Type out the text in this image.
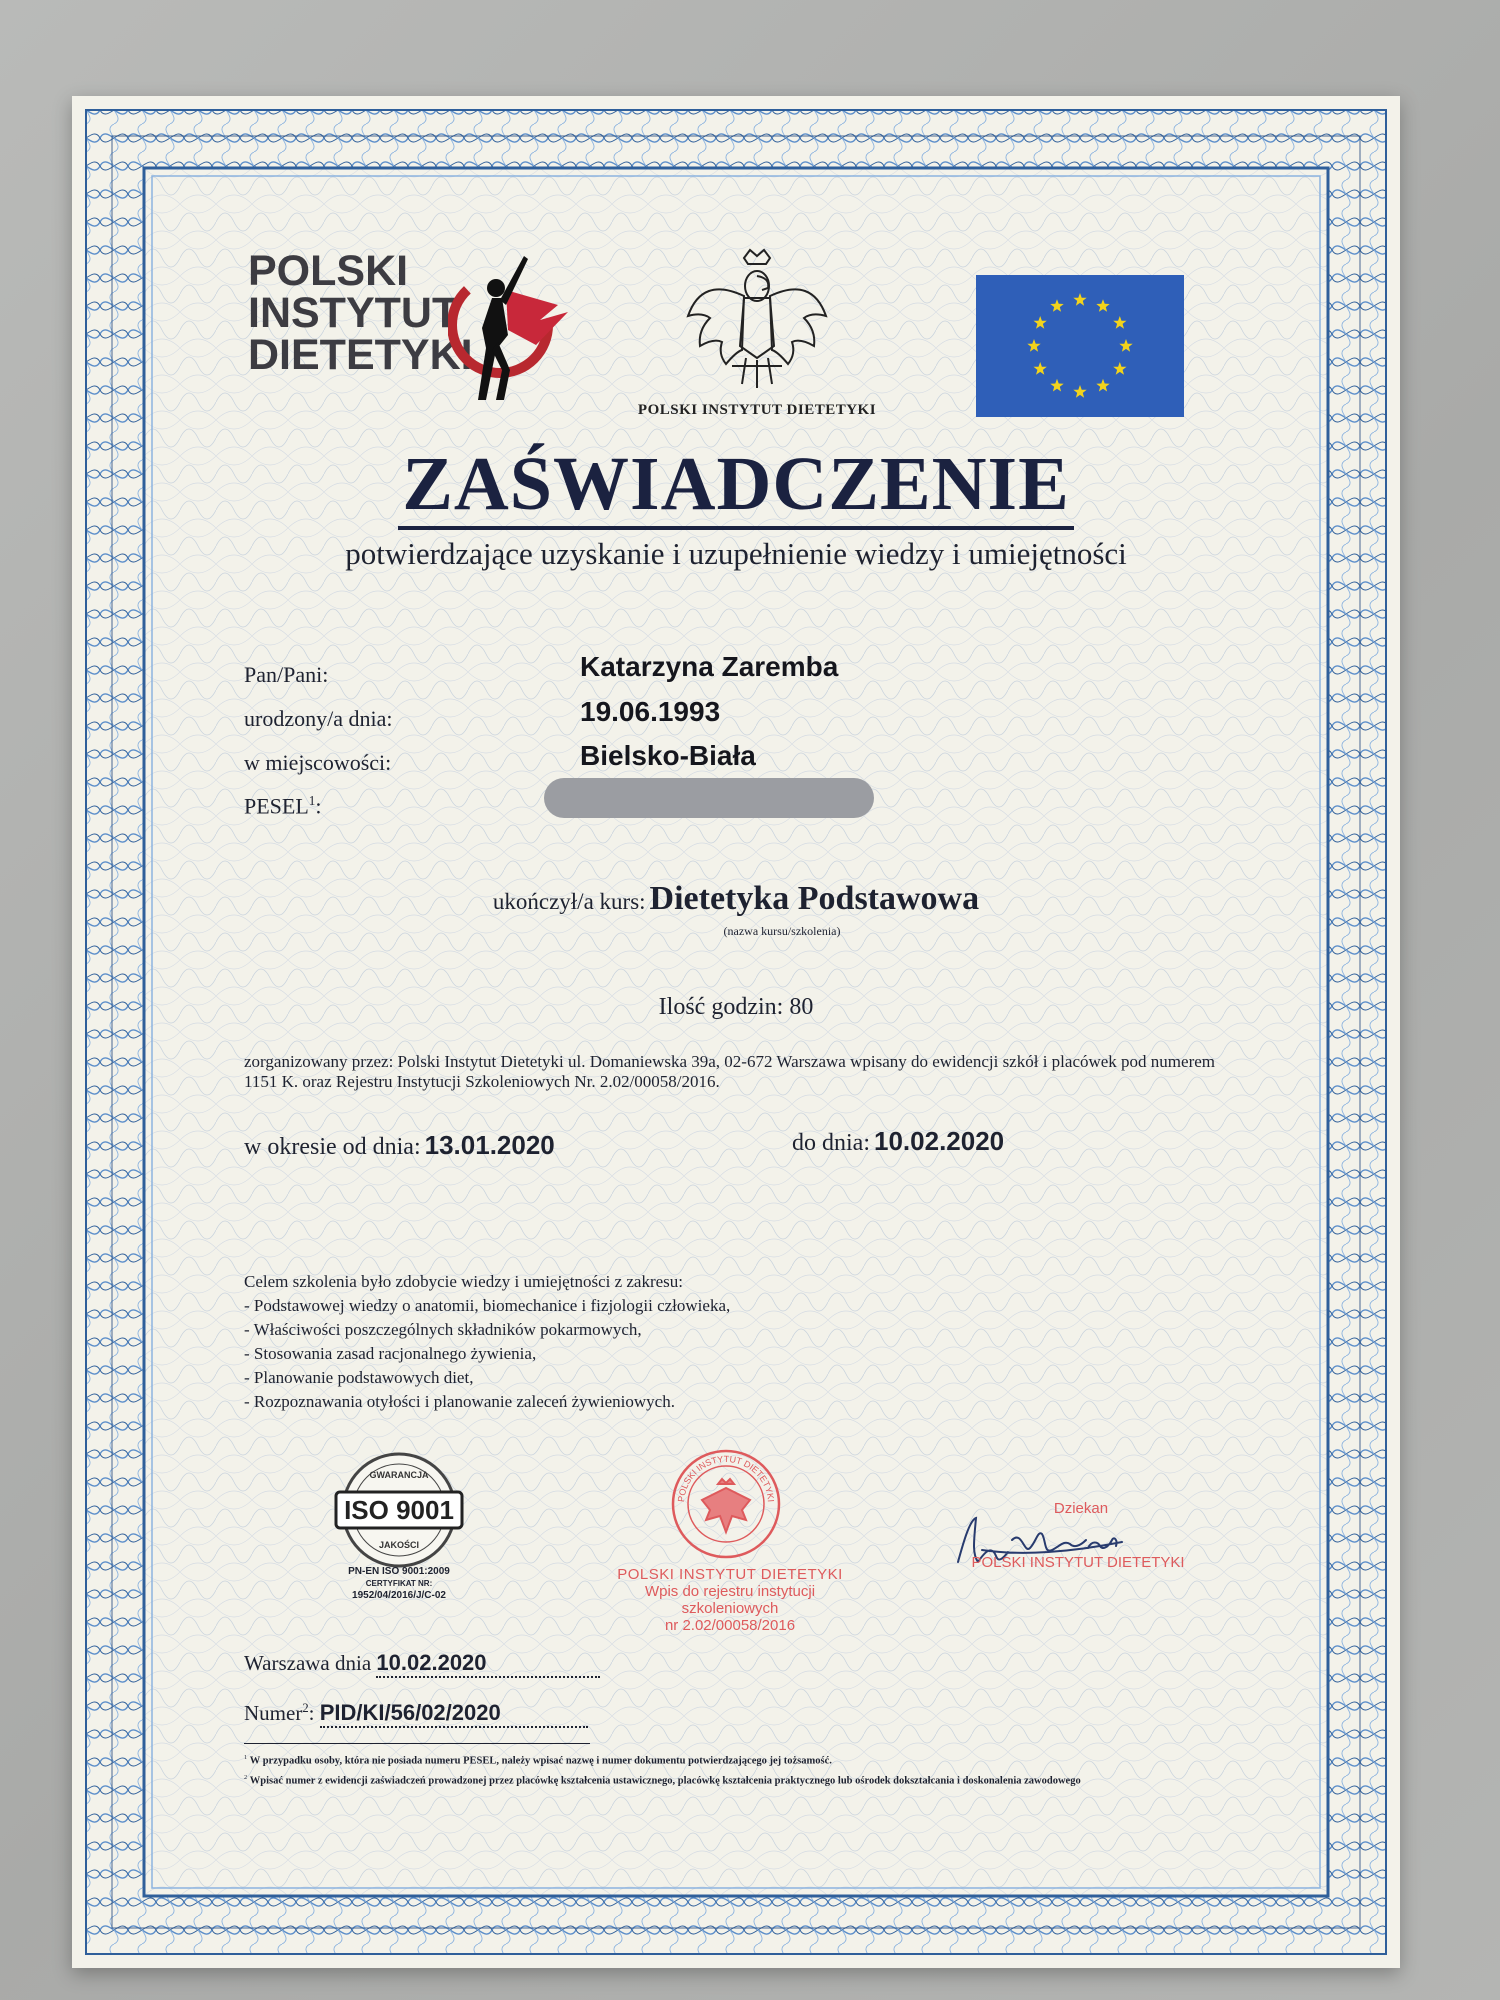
POLSKI
INSTYTUT
DIETETYKI
POLSKI INSTYTUT DIETETYKI
ZAŚWIADCZENIE
potwierdzające uzyskanie i uzupełnienie wiedzy i umiejętności
Pan/Pani:	Katarzyna Zaremba
urodzony/a dnia:	19.06.1993
w miejscowości:	Bielsko-Biała
PESEL$^1$:
ukończył/a kurs: Dietetyka Podstawowa
(nazwa kursu/szkolenia)
Ilość godzin: 80
zorganizowany przez: Polski Instytut Dietetyki ul. Domaniewska 39a, 02-672 Warszawa wpisany do ewidencji szkół i placówek pod numerem 1151 K. oraz Rejestru Instytucji Szkoleniowych Nr. 2.02/00058/2016.
w okresie od dnia: 13.01.2020	do dnia: 10.02.2020
Celem szkolenia było zdobycie wiedzy i umiejętności z zakresu:
- Podstawowej wiedzy o anatomii, biomechanice i fizjologii człowieka,
- Właściwości poszczególnych składników pokarmowych,
- Stosowania zasad racjonalnego żywienia,
- Planowanie podstawowych diet,
- Rozpoznawania otyłości i planowanie zaleceń żywieniowych.
ISO 9001
GWARANCJA
JAKOŚCI
PN-EN ISO 9001:2009
CERTYFIKAT NR:
1952/04/2016/J/C-02
POLSKI INSTYTUT DIETETYKI
POLSKI INSTYTUT DIETETYKI
Wpis do rejestru instytucji
szkoleniowych
nr 2.02/00058/2016
Dziekan
POLSKI INSTYTUT DIETETYKI
Warszawa dnia 10.02.2020
Numer$^2$: PID/KI/56/02/2020
$^1$ W przypadku osoby, która nie posiada numeru PESEL, należy wpisać nazwę i numer dokumentu potwierdzającego jej tożsamość.
$^2$ Wpisać numer z ewidencji zaświadczeń prowadzonej przez placówkę kształcenia ustawicznego, placówkę kształcenia praktycznego lub ośrodek dokształcania i doskonalenia zawodowego
